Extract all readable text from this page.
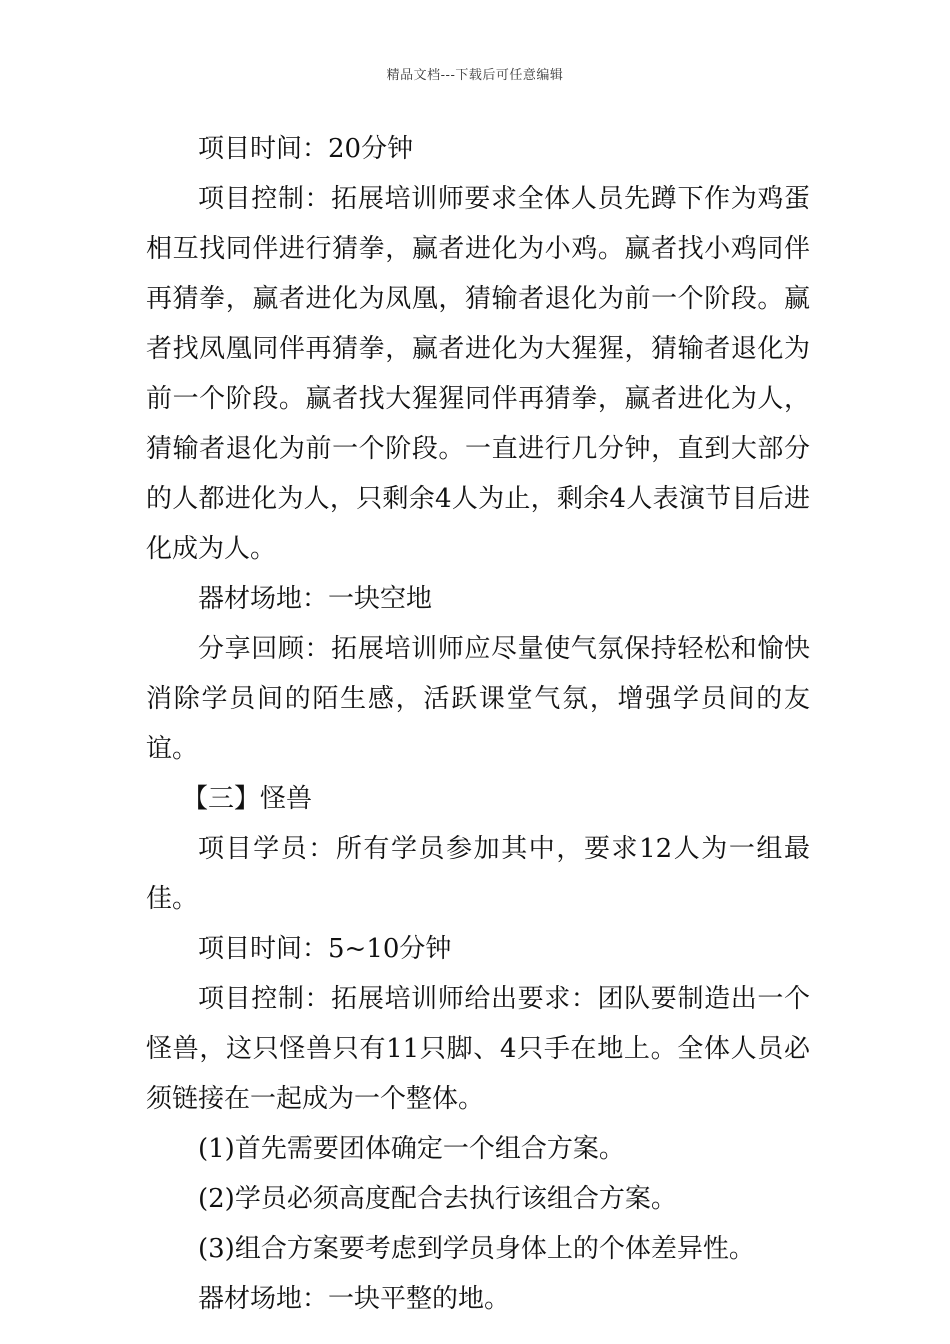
精品文档---下载后可任意编辑

项目时间：20分钟

项目控制：拓展培训师要求全体人员先蹲下作为鸡蛋相互找同伴进行猜拳，赢者进化为小鸡。赢者找小鸡同伴再猜拳，赢者进化为凤凰，猜输者退化为前一个阶段。赢者找凤凰同伴再猜拳，赢者进化为大猩猩，猜输者退化为前一个阶段。赢者找大猩猩同伴再猜拳，赢者进化为人，猜输者退化为前一个阶段。一直进行几分钟，直到大部分的人都进化为人，只剩余4人为止，剩余4人表演节目后进化成为人。

器材场地：一块空地

分享回顾：拓展培训师应尽量使气氛保持轻松和愉快消除学员间的陌生感，活跃课堂气氛，增强学员间的友谊。

【三】怪兽

项目学员：所有学员参加其中，要求12人为一组最佳。

项目时间：5~10分钟

项目控制：拓展培训师给出要求：团队要制造出一个怪兽，这只怪兽只有11只脚、4只手在地上。全体人员必须链接在一起成为一个整体。

(1)首先需要团体确定一个组合方案。

(2)学员必须高度配合去执行该组合方案。

(3)组合方案要考虑到学员身体上的个体差异性。

器材场地：一块平整的地。
